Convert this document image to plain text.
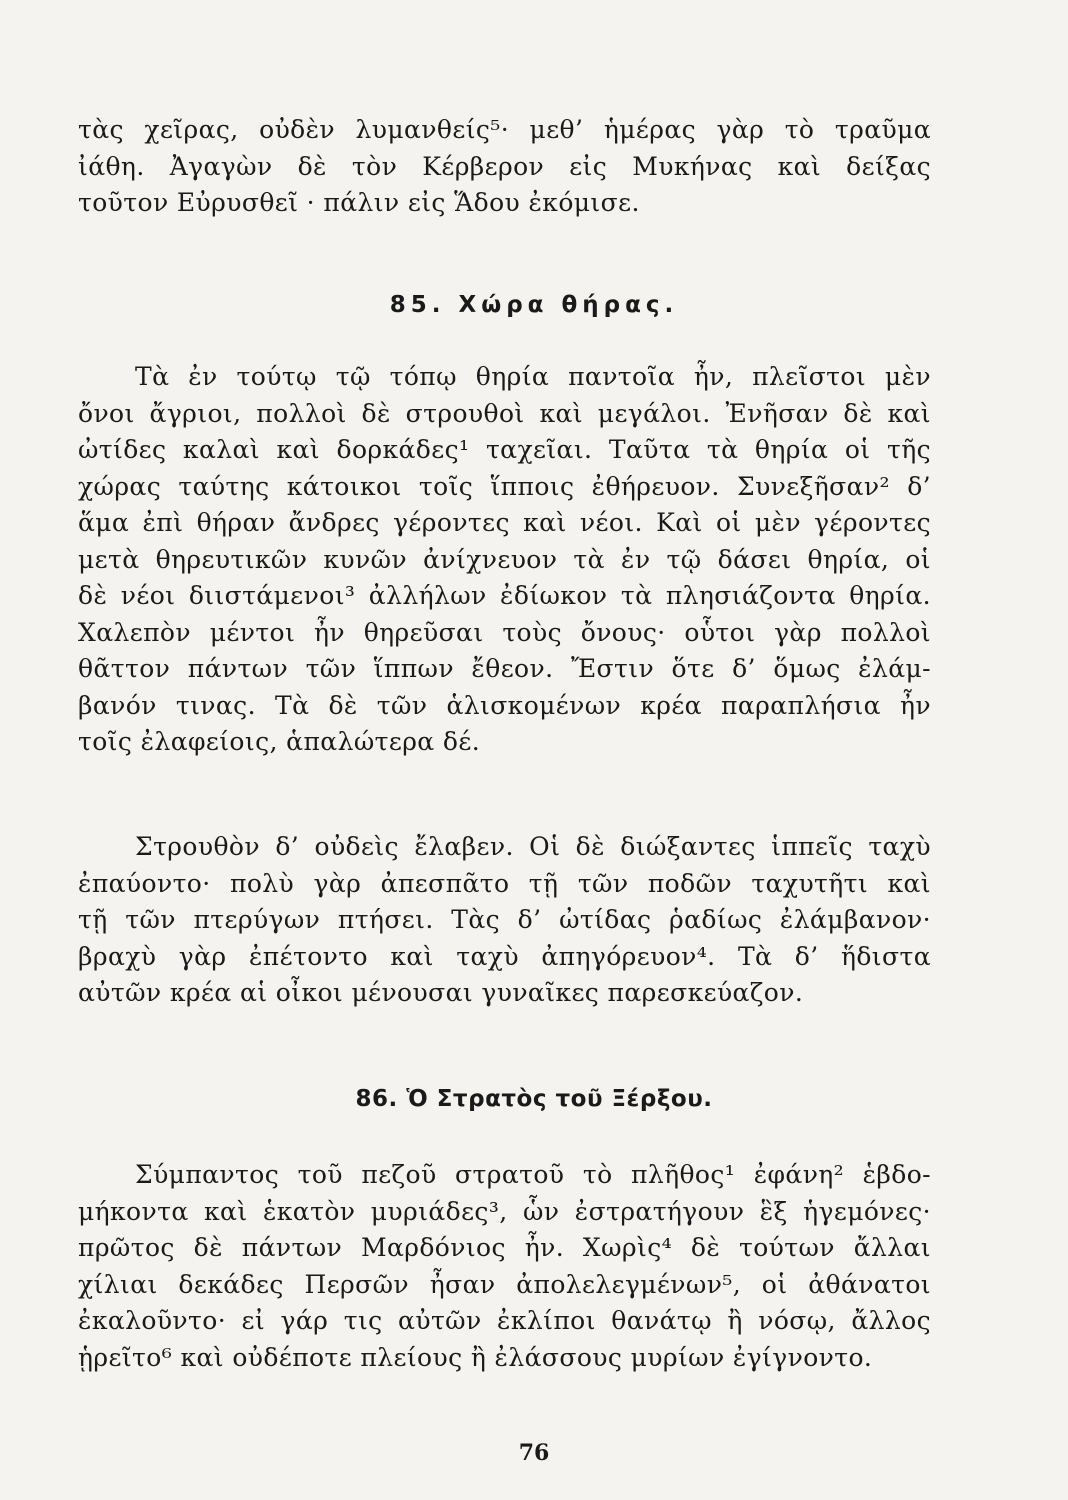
τὰς χεῖρας, οὐδὲν λυμανθείς⁵· μεθ’ ἡμέρας γὰρ τὸ τραῦμα

ἰάθη. Ἀγαγὼν δὲ τὸν Κέρβερον εἰς Μυκήνας καὶ δείξας

τοῦτον Εὐρυσθεῖ · πάλιν εἰς Ἅδου ἐκόμισε.

85. Χώρα θήρας.

Τὰ ἐν τούτῳ τῷ τόπῳ θηρία παντοῖα ἦν, πλεῖστοι μὲν

ὄνοι ἄγριοι, πολλοὶ δὲ στρουθοὶ καὶ μεγάλοι. Ἐνῆσαν δὲ καὶ

ὠτίδες καλαὶ καὶ δορκάδες¹ ταχεῖαι. Ταῦτα τὰ θηρία οἱ τῆς

χώρας ταύτης κάτοικοι τοῖς ἵπποις ἐθήρευον. Συνεξῆσαν² δ’

ἅμα ἐπὶ θήραν ἄνδρες γέροντες καὶ νέοι. Καὶ οἱ μὲν γέροντες

μετὰ θηρευτικῶν κυνῶν ἀνίχνευον τὰ ἐν τῷ δάσει θηρία, οἱ

δὲ νέοι διιστάμενοι³ ἀλλήλων ἐδίωκον τὰ πλησιάζοντα θηρία.

Χαλεπὸν μέντοι ἦν θηρεῦσαι τοὺς ὄνους· οὗτοι γὰρ πολλοὶ

θᾶττον πάντων τῶν ἵππων ἔθεον. Ἔστιν ὅτε δ’ ὅμως ἐλάμ-

βανόν τινας. Τὰ δὲ τῶν ἁλισκομένων κρέα παραπλήσια ἦν

τοῖς ἐλαφείοις, ἁπαλώτερα δέ.

Στρουθὸν δ’ οὐδεὶς ἔλαβεν. Οἱ δὲ διώξαντες ἱππεῖς ταχὺ

ἐπαύοντο· πολὺ γὰρ ἀπεσπᾶτο τῇ τῶν ποδῶν ταχυτῆτι καὶ

τῇ τῶν πτερύγων πτήσει. Τὰς δ’ ὠτίδας ῥαδίως ἐλάμβανον·

βραχὺ γὰρ ἐπέτοντο καὶ ταχὺ ἀπηγόρευον⁴. Τὰ δ’ ἥδιστα

αὐτῶν κρέα αἱ οἶκοι μένουσαι γυναῖκες παρεσκεύαζον.

86. Ὁ Στρατὸς τοῦ Ξέρξου.

Σύμπαντος τοῦ πεζοῦ στρατοῦ τὸ πλῆθος¹ ἐφάνη² ἑβδο-

μήκοντα καὶ ἑκατὸν μυριάδες³, ὧν ἐστρατήγουν ἓξ ἡγεμόνες·

πρῶτος δὲ πάντων Μαρδόνιος ἦν. Χωρὶς⁴ δὲ τούτων ἄλλαι

χίλιαι δεκάδες Περσῶν ἦσαν ἀπολελεγμένων⁵, οἱ ἀθάνατοι

ἐκαλοῦντο· εἰ γάρ τις αὐτῶν ἐκλίποι θανάτῳ ἢ νόσῳ, ἄλλος

ᾑρεῖτο⁶ καὶ οὐδέποτε πλείους ἢ ἐλάσσους μυρίων ἐγίγνοντο.

76
